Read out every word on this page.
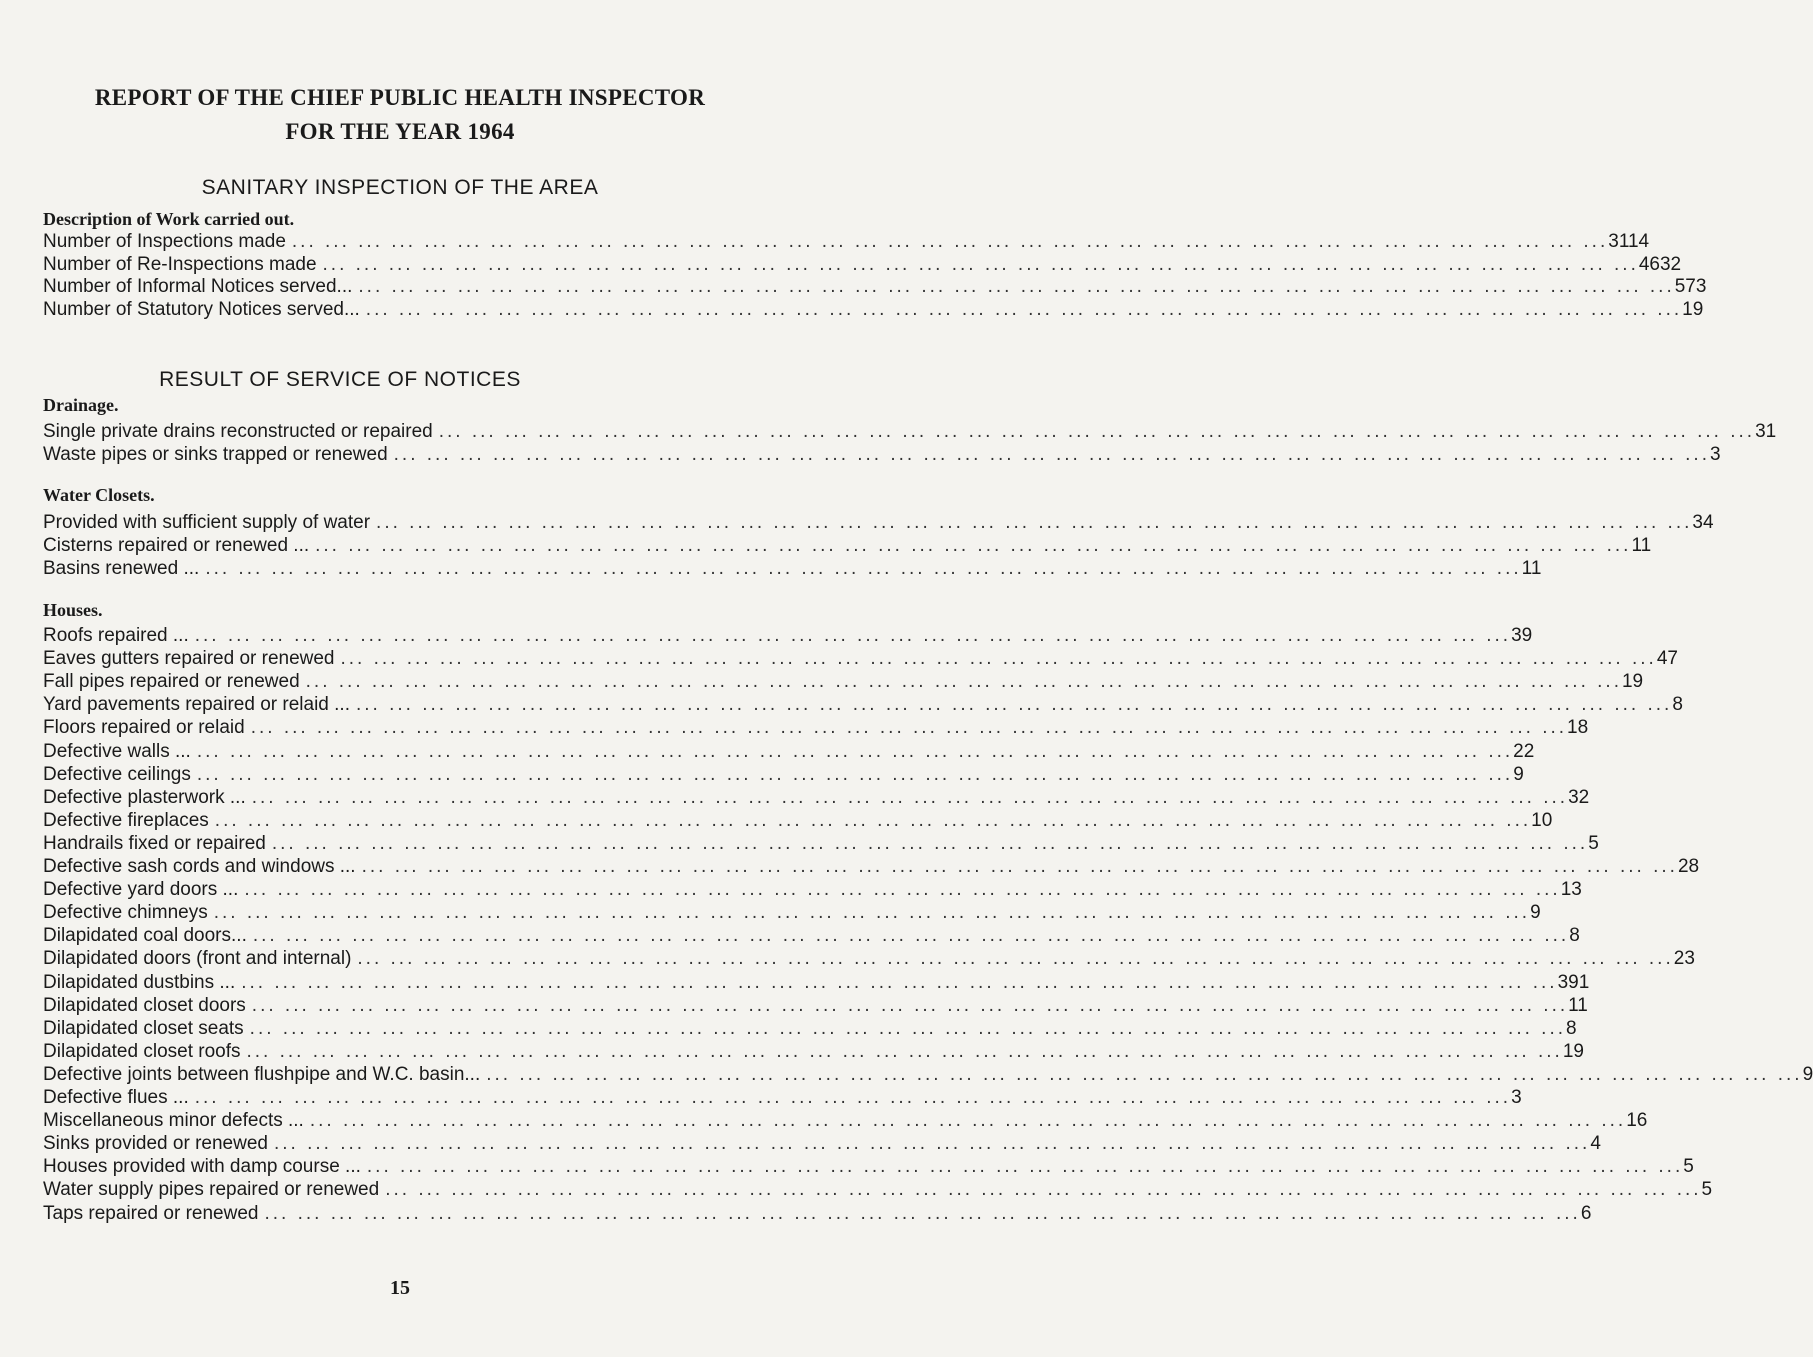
REPORT OF THE CHIEF PUBLIC HEALTH INSPECTOR
FOR THE YEAR 1964
SANITARY INSPECTION OF THE AREA
Description of Work carried out.
Number of Inspections made ... ... ... ... ... ... ... ... ... ... ... ... ... ... ... ... ... ... ... ... ... ... ... ... ... ... ... ... ... ... ... ... ... ... ... ... ... ... ... ... 3114
Number of Re-Inspections made ... ... ... ... ... ... ... ... ... ... ... ... ... ... ... ... ... ... ... ... ... ... ... ... ... ... ... ... ... ... ... ... ... ... ... ... ... ... ... ... 4632
Number of Informal Notices served... ... ... ... ... ... ... ... ... ... ... ... ... ... ... ... ... ... ... ... ... ... ... ... ... ... ... ... ... ... ... ... ... ... ... ... ... ... ... ... ... 573
Number of Statutory Notices served... ... ... ... ... ... ... ... ... ... ... ... ... ... ... ... ... ... ... ... ... ... ... ... ... ... ... ... ... ... ... ... ... ... ... ... ... ... ... ... ... 19
RESULT OF SERVICE OF NOTICES
Drainage.
Single private drains reconstructed or repaired ... ... ... ... ... ... ... ... ... ... ... ... ... ... ... ... ... ... ... ... ... ... ... ... ... ... ... ... ... ... ... ... ... ... ... ... ... ... ... ... 31
Waste pipes or sinks trapped or renewed ... ... ... ... ... ... ... ... ... ... ... ... ... ... ... ... ... ... ... ... ... ... ... ... ... ... ... ... ... ... ... ... ... ... ... ... ... ... ... ... 3
Water Closets.
Provided with sufficient supply of water ... ... ... ... ... ... ... ... ... ... ... ... ... ... ... ... ... ... ... ... ... ... ... ... ... ... ... ... ... ... ... ... ... ... ... ... ... ... ... ... 34
Cisterns repaired or renewed ... ... ... ... ... ... ... ... ... ... ... ... ... ... ... ... ... ... ... ... ... ... ... ... ... ... ... ... ... ... ... ... ... ... ... ... ... ... ... ... ... 11
Basins renewed ... ... ... ... ... ... ... ... ... ... ... ... ... ... ... ... ... ... ... ... ... ... ... ... ... ... ... ... ... ... ... ... ... ... ... ... ... ... ... ... ... 11
Houses.
Roofs repaired ... ... ... ... ... ... ... ... ... ... ... ... ... ... ... ... ... ... ... ... ... ... ... ... ... ... ... ... ... ... ... ... ... ... ... ... ... ... ... ... ... 39
Eaves gutters repaired or renewed ... ... ... ... ... ... ... ... ... ... ... ... ... ... ... ... ... ... ... ... ... ... ... ... ... ... ... ... ... ... ... ... ... ... ... ... ... ... ... ... 47
Fall pipes repaired or renewed ... ... ... ... ... ... ... ... ... ... ... ... ... ... ... ... ... ... ... ... ... ... ... ... ... ... ... ... ... ... ... ... ... ... ... ... ... ... ... ... 19
Yard pavements repaired or relaid ... ... ... ... ... ... ... ... ... ... ... ... ... ... ... ... ... ... ... ... ... ... ... ... ... ... ... ... ... ... ... ... ... ... ... ... ... ... ... ... ... 8
Floors repaired or relaid ... ... ... ... ... ... ... ... ... ... ... ... ... ... ... ... ... ... ... ... ... ... ... ... ... ... ... ... ... ... ... ... ... ... ... ... ... ... ... ... 18
Defective walls ... ... ... ... ... ... ... ... ... ... ... ... ... ... ... ... ... ... ... ... ... ... ... ... ... ... ... ... ... ... ... ... ... ... ... ... ... ... ... ... ... 22
Defective ceilings ... ... ... ... ... ... ... ... ... ... ... ... ... ... ... ... ... ... ... ... ... ... ... ... ... ... ... ... ... ... ... ... ... ... ... ... ... ... ... ... 9
Defective plasterwork ... ... ... ... ... ... ... ... ... ... ... ... ... ... ... ... ... ... ... ... ... ... ... ... ... ... ... ... ... ... ... ... ... ... ... ... ... ... ... ... ... 32
Defective fireplaces ... ... ... ... ... ... ... ... ... ... ... ... ... ... ... ... ... ... ... ... ... ... ... ... ... ... ... ... ... ... ... ... ... ... ... ... ... ... ... ... 10
Handrails fixed or repaired ... ... ... ... ... ... ... ... ... ... ... ... ... ... ... ... ... ... ... ... ... ... ... ... ... ... ... ... ... ... ... ... ... ... ... ... ... ... ... ... 5
Defective sash cords and windows ... ... ... ... ... ... ... ... ... ... ... ... ... ... ... ... ... ... ... ... ... ... ... ... ... ... ... ... ... ... ... ... ... ... ... ... ... ... ... ... ... 28
Defective yard doors ... ... ... ... ... ... ... ... ... ... ... ... ... ... ... ... ... ... ... ... ... ... ... ... ... ... ... ... ... ... ... ... ... ... ... ... ... ... ... ... ... 13
Defective chimneys ... ... ... ... ... ... ... ... ... ... ... ... ... ... ... ... ... ... ... ... ... ... ... ... ... ... ... ... ... ... ... ... ... ... ... ... ... ... ... ... 9
Dilapidated coal doors... ... ... ... ... ... ... ... ... ... ... ... ... ... ... ... ... ... ... ... ... ... ... ... ... ... ... ... ... ... ... ... ... ... ... ... ... ... ... ... ... 8
Dilapidated doors (front and internal) ... ... ... ... ... ... ... ... ... ... ... ... ... ... ... ... ... ... ... ... ... ... ... ... ... ... ... ... ... ... ... ... ... ... ... ... ... ... ... ... 23
Dilapidated dustbins ... ... ... ... ... ... ... ... ... ... ... ... ... ... ... ... ... ... ... ... ... ... ... ... ... ... ... ... ... ... ... ... ... ... ... ... ... ... ... ... ... 391
Dilapidated closet doors ... ... ... ... ... ... ... ... ... ... ... ... ... ... ... ... ... ... ... ... ... ... ... ... ... ... ... ... ... ... ... ... ... ... ... ... ... ... ... ... 11
Dilapidated closet seats ... ... ... ... ... ... ... ... ... ... ... ... ... ... ... ... ... ... ... ... ... ... ... ... ... ... ... ... ... ... ... ... ... ... ... ... ... ... ... ... 8
Dilapidated closet roofs ... ... ... ... ... ... ... ... ... ... ... ... ... ... ... ... ... ... ... ... ... ... ... ... ... ... ... ... ... ... ... ... ... ... ... ... ... ... ... ... 19
Defective joints between flushpipe and W.C. basin... ... ... ... ... ... ... ... ... ... ... ... ... ... ... ... ... ... ... ... ... ... ... ... ... ... ... ... ... ... ... ... ... ... ... ... ... ... ... ... ... 9
Defective flues ... ... ... ... ... ... ... ... ... ... ... ... ... ... ... ... ... ... ... ... ... ... ... ... ... ... ... ... ... ... ... ... ... ... ... ... ... ... ... ... ... 3
Miscellaneous minor defects ... ... ... ... ... ... ... ... ... ... ... ... ... ... ... ... ... ... ... ... ... ... ... ... ... ... ... ... ... ... ... ... ... ... ... ... ... ... ... ... ... 16
Sinks provided or renewed ... ... ... ... ... ... ... ... ... ... ... ... ... ... ... ... ... ... ... ... ... ... ... ... ... ... ... ... ... ... ... ... ... ... ... ... ... ... ... ... 4
Houses provided with damp course ... ... ... ... ... ... ... ... ... ... ... ... ... ... ... ... ... ... ... ... ... ... ... ... ... ... ... ... ... ... ... ... ... ... ... ... ... ... ... ... ... 5
Water supply pipes repaired or renewed ... ... ... ... ... ... ... ... ... ... ... ... ... ... ... ... ... ... ... ... ... ... ... ... ... ... ... ... ... ... ... ... ... ... ... ... ... ... ... ... 5
Taps repaired or renewed ... ... ... ... ... ... ... ... ... ... ... ... ... ... ... ... ... ... ... ... ... ... ... ... ... ... ... ... ... ... ... ... ... ... ... ... ... ... ... ... 6
15
